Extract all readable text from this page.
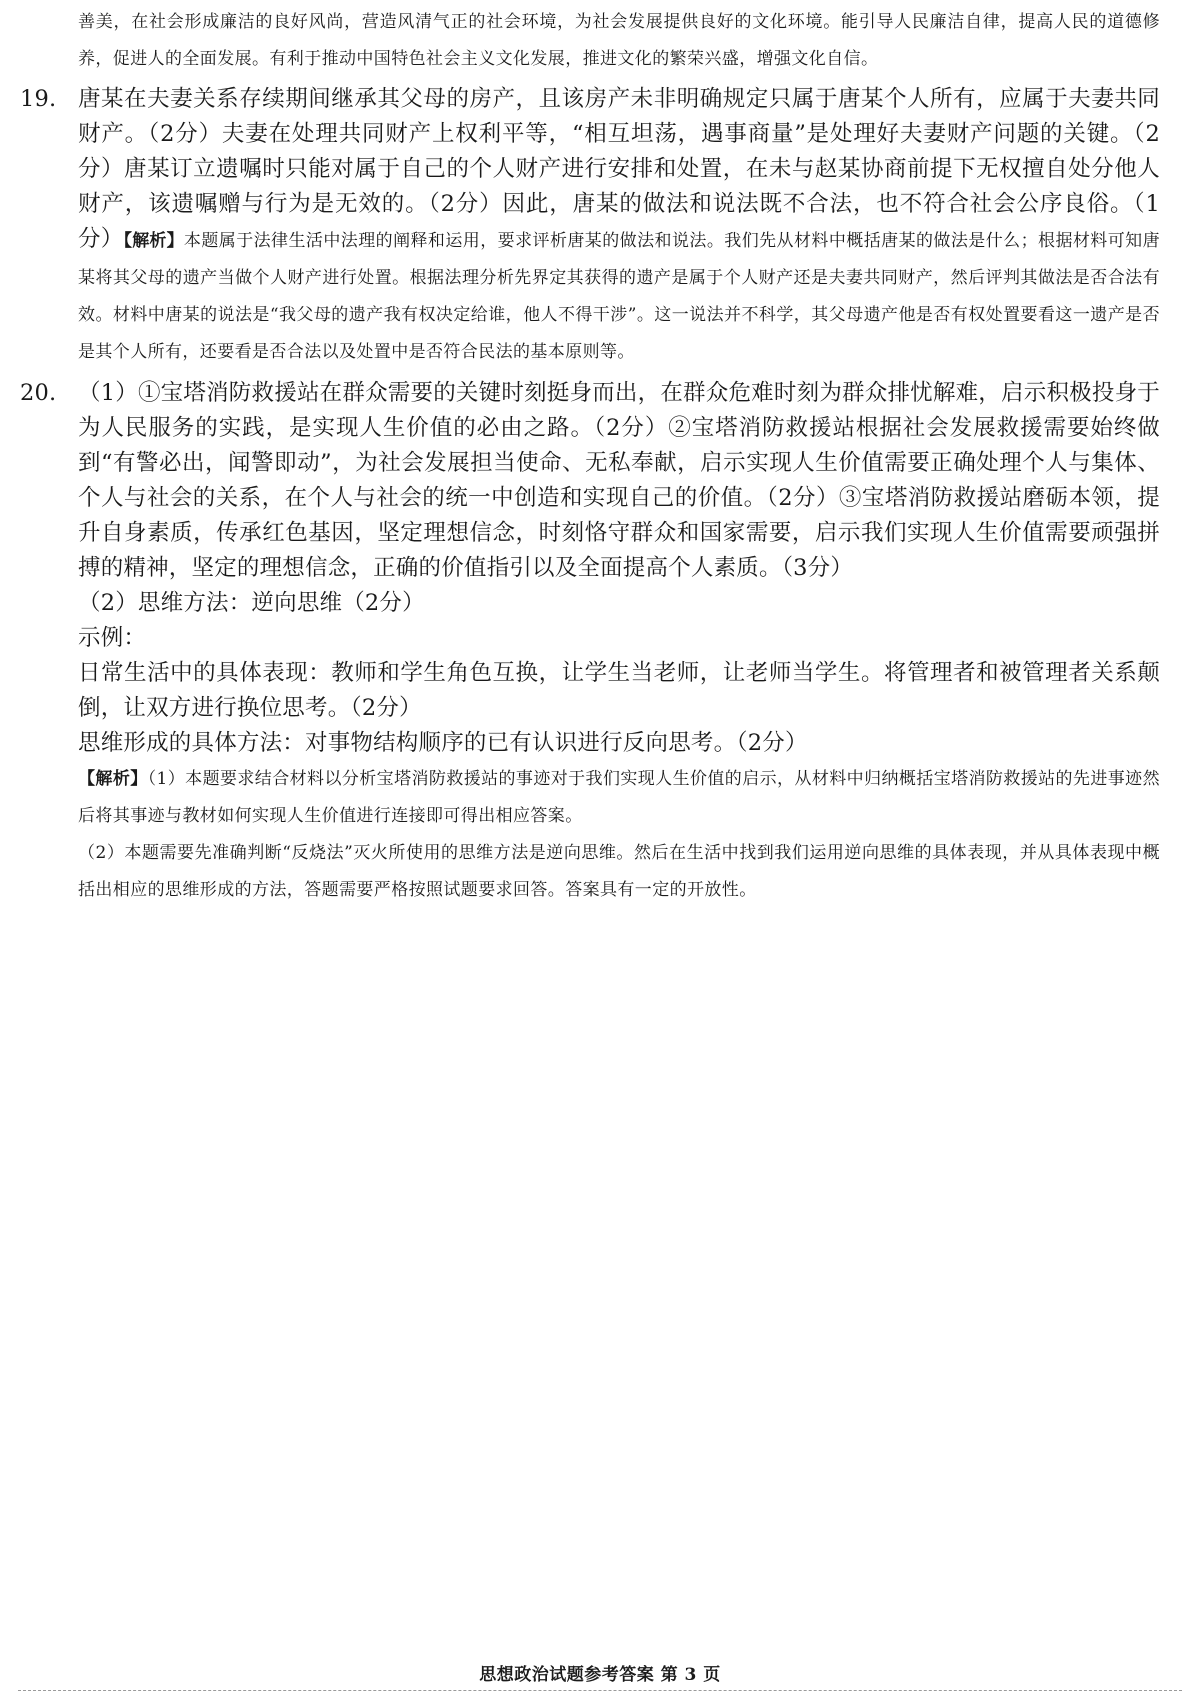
善美，在社会形成廉洁的良好风尚，营造风清气正的社会环境，为社会发展提供良好的文化环境。能引导人民廉洁自律，提高人民的道德修养，促进人的全面发展。有利于推动中国特色社会主义文化发展，推进文化的繁荣兴盛，增强文化自信。

19. 唐某在夫妻关系存续期间继承其父母的房产，且该房产未非明确规定只属于唐某个人所有，应属于夫妻共同财产。（2分）夫妻在处理共同财产上权利平等，“相互坦荡，遇事商量”是处理好夫妻财产问题的关键。（2分）唐某订立遗嘱时只能对属于自己的个人财产进行安排和处置，在未与赵某协商前提下无权擅自处分他人财产，该遗嘱赠与行为是无效的。（2分）因此，唐某的做法和说法既不合法，也不符合社会公序良俗。（1分）【解析】本题属于法律生活中法理的阐释和运用，要求评析唐某的做法和说法。我们先从材料中概括唐某的做法是什么；根据材料可知唐某将其父母的遗产当做个人财产进行处置。根据法理分析先界定其获得的遗产是属于个人财产还是夫妻共同财产，然后评判其做法是否合法有效。材料中唐某的说法是“我父母的遗产我有权决定给谁，他人不得干涉”。这一说法并不科学，其父母遗产他是否有权处置要看这一遗产是否是其个人所有，还要看是否合法以及处置中是否符合民法的基本原则等。

20. （1）①宝塔消防救援站在群众需要的关键时刻挺身而出，在群众危难时刻为群众排忧解难，启示积极投身于为人民服务的实践，是实现人生价值的必由之路。（2分）②宝塔消防救援站根据社会发展救援需要始终做到“有警必出，闻警即动”，为社会发展担当使命、无私奉献，启示实现人生价值需要正确处理个人与集体、个人与社会的关系，在个人与社会的统一中创造和实现自己的价值。（2分）③宝塔消防救援站磨砺本领，提升自身素质，传承红色基因，坚定理想信念，时刻恪守群众和国家需要，启示我们实现人生价值需要顽强拼搏的精神，坚定的理想信念，正确的价值指引以及全面提高个人素质。（3分）

（2）思维方法：逆向思维（2分）

示例：

日常生活中的具体表现：教师和学生角色互换，让学生当老师，让老师当学生。将管理者和被管理者关系颠倒，让双方进行换位思考。（2分）

思维形成的具体方法：对事物结构顺序的已有认识进行反向思考。（2分）

【解析】（1）本题要求结合材料以分析宝塔消防救援站的事迹对于我们实现人生价值的启示，从材料中归纳概括宝塔消防救援站的先进事迹然后将其事迹与教材如何实现人生价值进行连接即可得出相应答案。

（2）本题需要先准确判断“反烧法”灭火所使用的思维方法是逆向思维。然后在生活中找到我们运用逆向思维的具体表现，并从具体表现中概括出相应的思维形成的方法，答题需要严格按照试题要求回答。答案具有一定的开放性。

思想政治试题参考答案 第 3 页
